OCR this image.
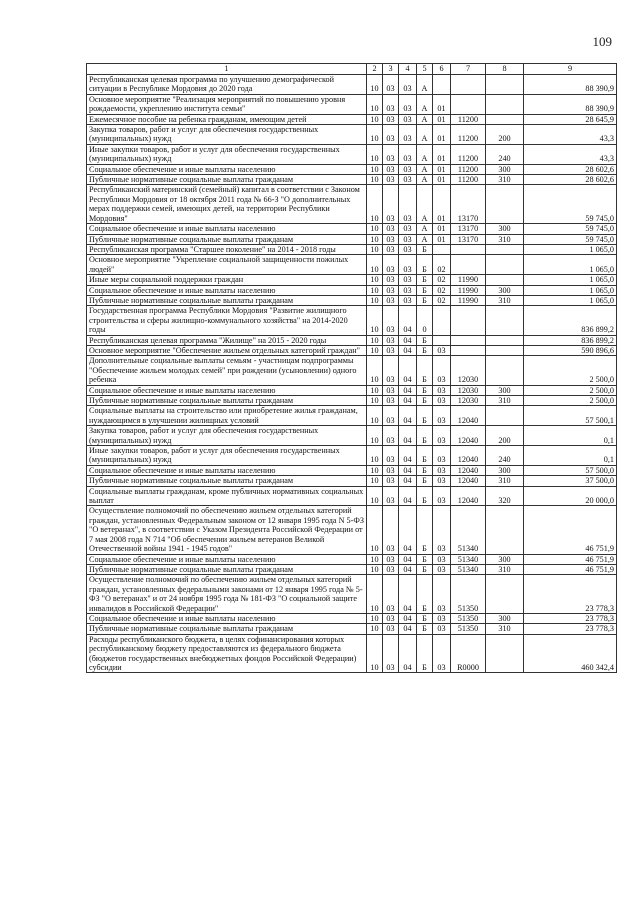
109
1	2	3	4	5	6	7	8	9
Республиканская целевая программа по улучшению демографической ситуации в Республике Мордовия до 2020 года	10	03	03	А				88 390,9
Основное мероприятие "Реализация мероприятий по повышению уровня рождаемости, укреплению института семьи"	10	03	03	А	01			88 390,9
Ежемесячное пособие на ребенка гражданам, имеющим детей	10	03	03	А	01	11200		28 645,9
Закупка товаров, работ и услуг для обеспечения государственных (муниципальных) нужд	10	03	03	А	01	11200	200	43,3
Иные закупки товаров, работ и услуг для обеспечения государственных (муниципальных) нужд	10	03	03	А	01	11200	240	43,3
Социальное обеспечение и иные выплаты населению	10	03	03	А	01	11200	300	28 602,6
Публичные нормативные социальные выплаты гражданам	10	03	03	А	01	11200	310	28 602,6
Республиканский материнский (семейный) капитал в соответствии с Законом Республики Мордовия от 18 октября 2011 года № 66-З "О дополнительных мерах поддержки семей, имеющих детей, на территории Республики Мордовия"	10	03	03	А	01	13170		59 745,0
Социальное обеспечение и иные выплаты населению	10	03	03	А	01	13170	300	59 745,0
Публичные нормативные социальные выплаты гражданам	10	03	03	А	01	13170	310	59 745,0
Республиканская программа "Старшее поколение" на 2014 - 2018 годы	10	03	03	Б				1 065,0
Основное мероприятие "Укрепление социальной защищенности пожилых людей"	10	03	03	Б	02			1 065,0
Иные меры социальной поддержки граждан	10	03	03	Б	02	11990		1 065,0
Социальное обеспечение и иные выплаты населению	10	03	03	Б	02	11990	300	1 065,0
Публичные нормативные социальные выплаты гражданам	10	03	03	Б	02	11990	310	1 065,0
Государственная программа Республики Мордовия "Развитие жилищного строительства и сферы жилищно-коммунального хозяйства" на 2014-2020 годы	10	03	04	0				836 899,2
Республиканская целевая программа "Жилище" на 2015 - 2020 годы	10	03	04	Б				836 899,2
Основное мероприятие "Обеспечение жильем отдельных категорий граждан"	10	03	04	Б	03			590 896,6
Дополнительные социальные выплаты семьям - участницам подпрограммы "Обеспечение жильем молодых семей" при рождении (усыновлении) одного ребенка	10	03	04	Б	03	12030		2 500,0
Социальное обеспечение и иные выплаты населению	10	03	04	Б	03	12030	300	2 500,0
Публичные нормативные социальные выплаты гражданам	10	03	04	Б	03	12030	310	2 500,0
Социальные выплаты на строительство или приобретение жилья гражданам, нуждающимся в улучшении жилищных условий	10	03	04	Б	03	12040		57 500,1
Закупка товаров, работ и услуг для обеспечения государственных (муниципальных) нужд	10	03	04	Б	03	12040	200	0,1
Иные закупки товаров, работ и услуг для обеспечения государственных (муниципальных) нужд	10	03	04	Б	03	12040	240	0,1
Социальное обеспечение и иные выплаты населению	10	03	04	Б	03	12040	300	57 500,0
Публичные нормативные социальные выплаты гражданам	10	03	04	Б	03	12040	310	37 500,0
Социальные выплаты гражданам, кроме публичных нормативных социальных выплат	10	03	04	Б	03	12040	320	20 000,0
Осуществление полномочий по обеспечению жильем отдельных категорий граждан, установленных Федеральным законом от 12 января 1995 года N 5-ФЗ "О ветеранах", в соответствии с Указом Президента Российской Федерации от 7 мая 2008 года N 714 "Об обеспечении жильем ветеранов Великой Отечественной войны 1941 - 1945 годов"	10	03	04	Б	03	51340		46 751,9
Социальное обеспечение и иные выплаты населению	10	03	04	Б	03	51340	300	46 751,9
Публичные нормативные социальные выплаты гражданам	10	03	04	Б	03	51340	310	46 751,9
Осуществление полномочий по обеспечению жильем отдельных категорий граждан, установленных федеральными законами от 12 января 1995 года № 5-ФЗ "О ветеранах" и от 24 ноября 1995 года № 181-ФЗ "О социальной защите инвалидов в Российской Федерации"	10	03	04	Б	03	51350		23 778,3
Социальное обеспечение и иные выплаты населению	10	03	04	Б	03	51350	300	23 778,3
Публичные нормативные социальные выплаты гражданам	10	03	04	Б	03	51350	310	23 778,3
Расходы республиканского бюджета, в целях софинансирования которых республиканскому бюджету предоставляются из федерального бюджета (бюджетов государственных внебюджетных фондов Российской Федерации) субсидии	10	03	04	Б	03	R0000		460 342,4
